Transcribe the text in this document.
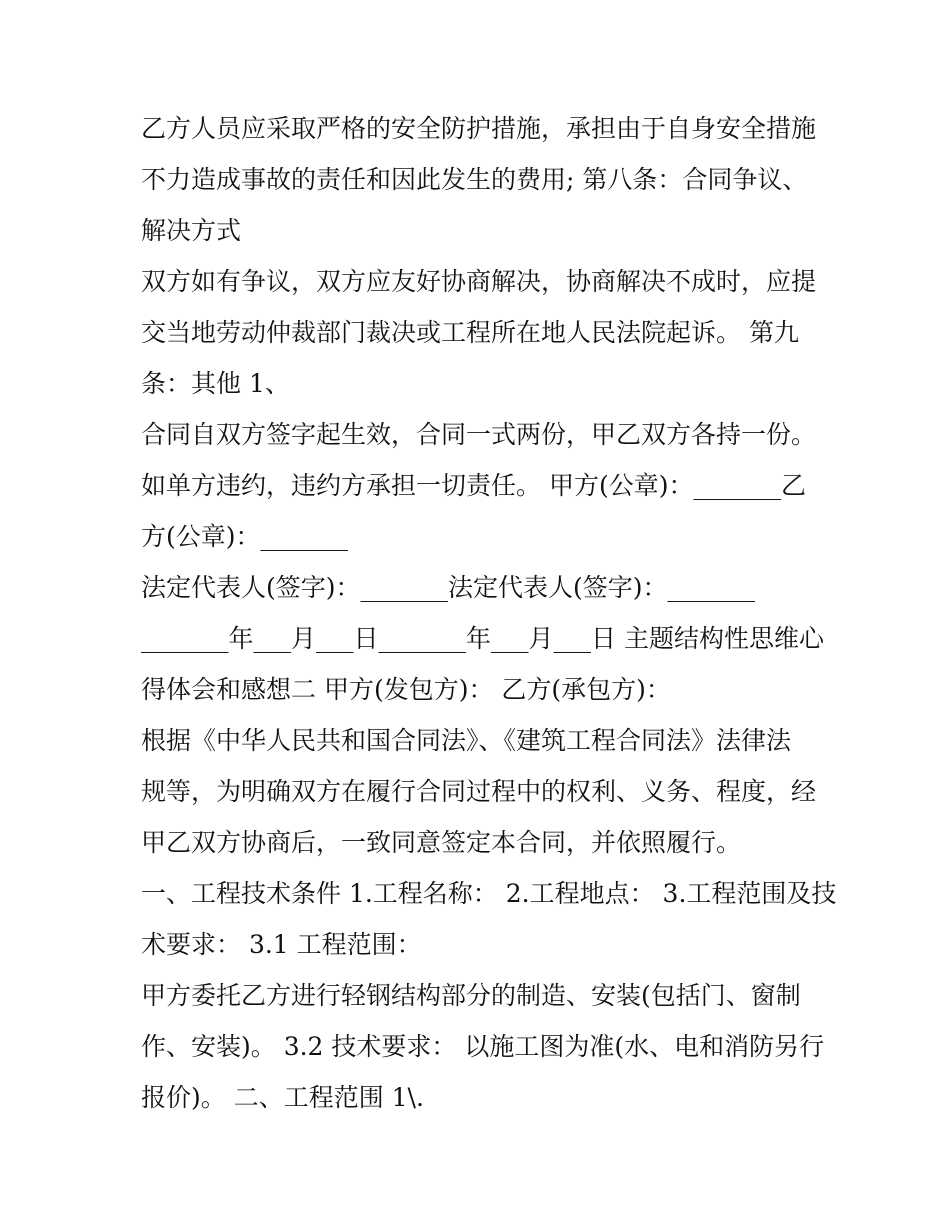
乙方人员应采取严格的安全防护措施，承担由于自身安全措施
不力造成事故的责任和因此发生的费用; 第八条：合同争议、
解决方式
双方如有争议，双方应友好协商解决，协商解决不成时，应提
交当地劳动仲裁部门裁决或工程所在地人民法院起诉。 第九
条：其他 1、
合同自双方签字起生效，合同一式两份，甲乙双方各持一份。
如单方违约，违约方承担一切责任。 甲方(公章)：_______乙
方(公章)：_______
法定代表人(签字)：_______法定代表人(签字)：_______
_______年___月___日_______年___月___日 主题结构性思维心
得体会和感想二 甲方(发包方)： 乙方(承包方)：
根据《中华人民共和国合同法》、《建筑工程合同法》法律法
规等，为明确双方在履行合同过程中的权利、义务、程度，经
甲乙双方协商后，一致同意签定本合同，并依照履行。
一、工程技术条件 1.工程名称： 2.工程地点： 3.工程范围及技
术要求： 3.1 工程范围：
甲方委托乙方进行轻钢结构部分的制造、安装(包括门、窗制
作、安装)。 3.2 技术要求： 以施工图为准(水、电和消防另行
报价)。 二、工程范围 1\.
